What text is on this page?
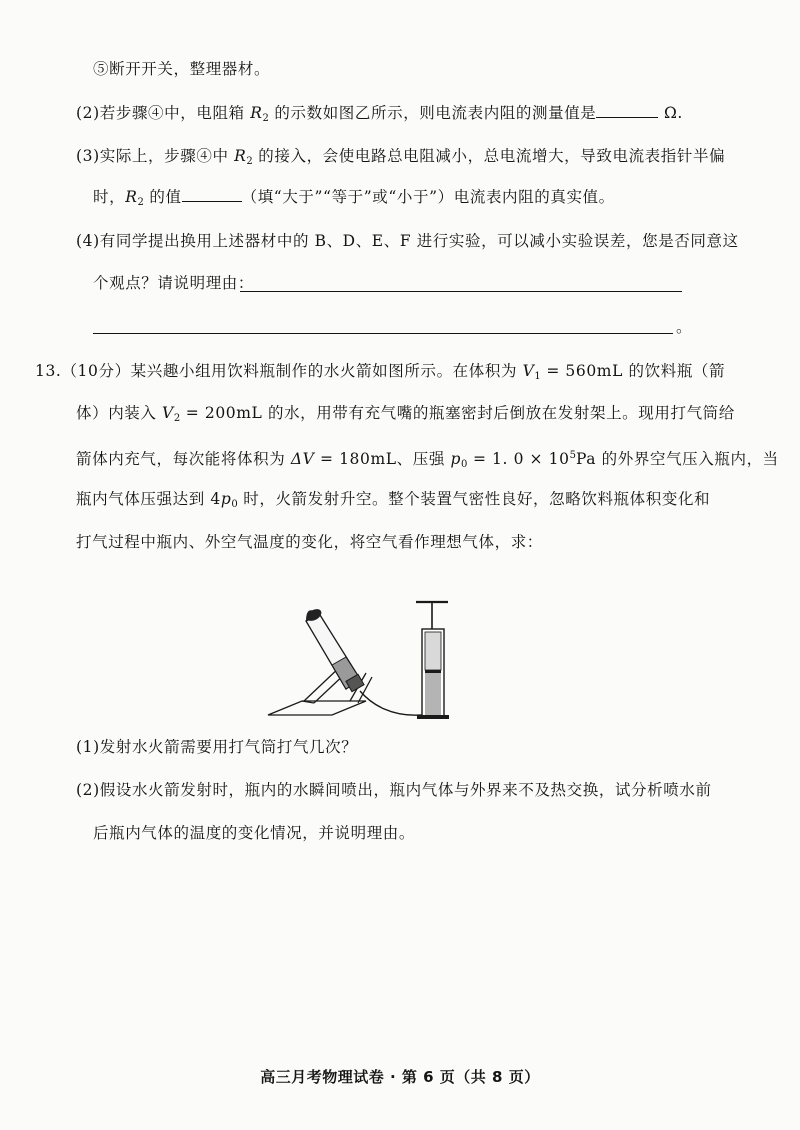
⑤断开开关，整理器材。
(2)若步骤④中，电阻箱 $R_2$ 的示数如图乙所示，则电流表内阻的测量值是	Ω.
(3)实际上，步骤④中 $R_2$ 的接入，会使电路总电阻减小，总电流增大，导致电流表指针半偏
时，$R_2$ 的值	（填“大于”“等于”或“小于”）电流表内阻的真实值。
(4)有同学提出换用上述器材中的 B、D、E、F 进行实验，可以减小实验误差，您是否同意这
个观点？请说明理由：
。
13.（10分）某兴趣小组用饮料瓶制作的水火箭如图所示。在体积为 $V_1 = 560mL$ 的饮料瓶（箭
体）内装入 $V_2 = 200mL$ 的水，用带有充气嘴的瓶塞密封后倒放在发射架上。现用打气筒给
箭体内充气，每次能将体积为 ΔV = 180mL、压强 $p_0 = 1$. $0 \times 10^5Pa$ 的外界空气压入瓶内，当
瓶内气体压强达到 $4p_0$ 时，火箭发射升空。整个装置气密性良好，忽略饮料瓶体积变化和
打气过程中瓶内、外空气温度的变化，将空气看作理想气体，求：
(1)发射水火箭需要用打气筒打气几次？
(2)假设水火箭发射时，瓶内的水瞬间喷出，瓶内气体与外界来不及热交换，试分析喷水前
后瓶内气体的温度的变化情况，并说明理由。
高三月考物理试卷 · 第 6 页（共 8 页）
